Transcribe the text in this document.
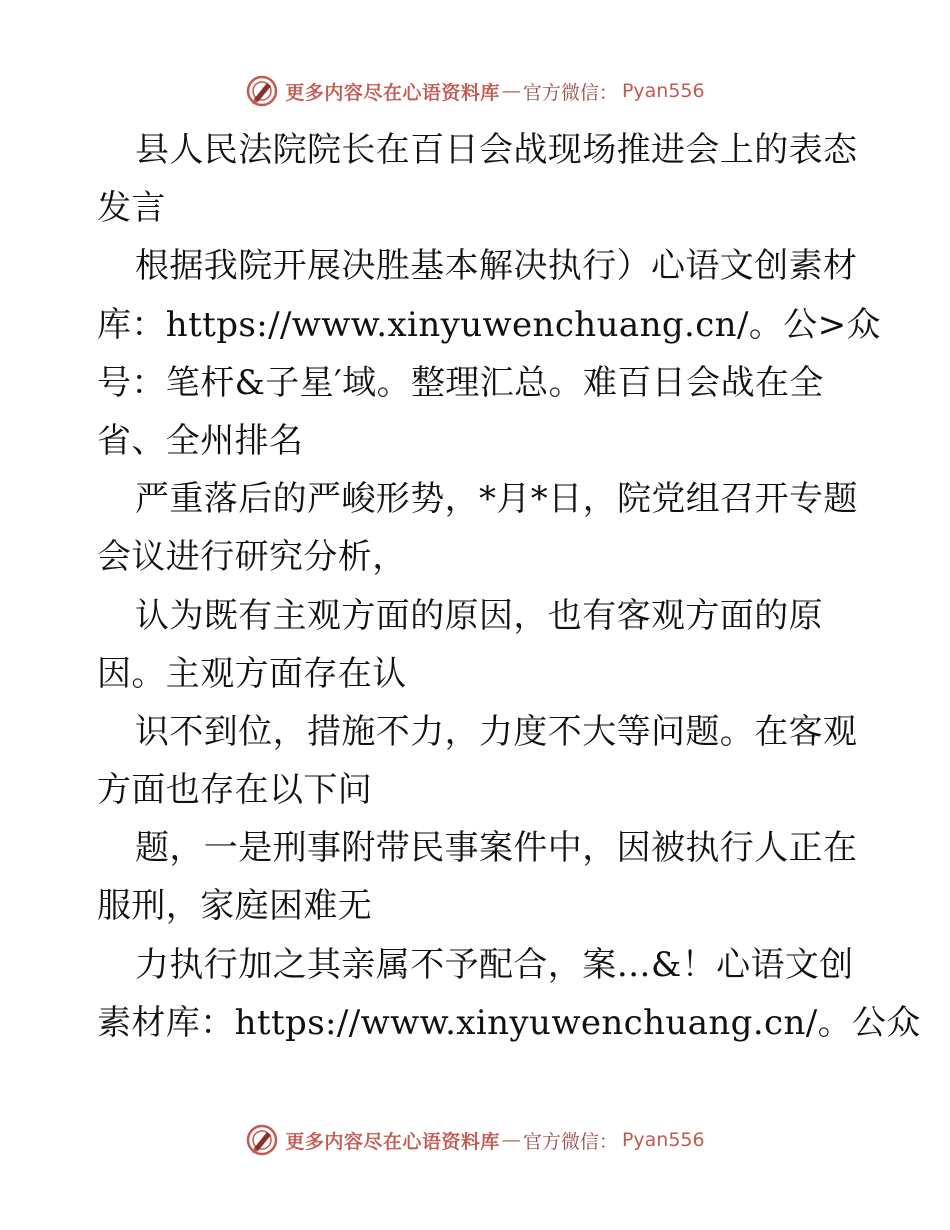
更多内容尽在心语资料库 — 官方微信： Pyan556
县人民法院院长在百日会战现场推进会上的表态
发言
根据我院开展决胜基本解决执行）心语文创素材
库：https://www.xinyuwenchuang.cn/。公>众
号：笔杆&子星′域。整理汇总。难百日会战在全
省、全州排名
严重落后的严峻形势，*月*日，院党组召开专题
会议进行研究分析，
认为既有主观方面的原因，也有客观方面的原
因。主观方面存在认
识不到位，措施不力，力度不大等问题。在客观
方面也存在以下问
题，一是刑事附带民事案件中，因被执行人正在
服刑，家庭困难无
力执行加之其亲属不予配合，案…&！心语文创
素材库：https://www.xinyuwenchuang.cn/。公众
更多内容尽在心语资料库 — 官方微信： Pyan556
